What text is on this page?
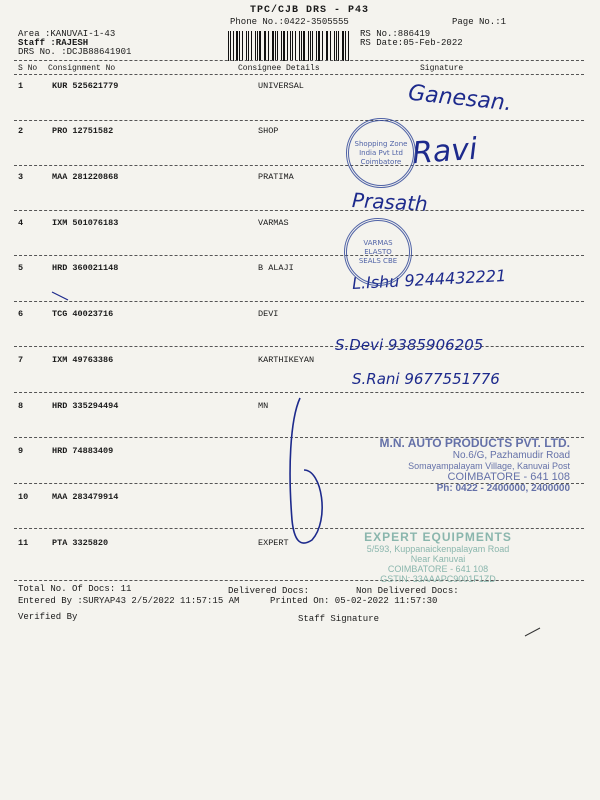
TPC/CJB DRS - P43
Phone No.:0422-3505555	Page No.:1
Area :KANUVAI-1-43
Staff :RAJESH
DRS No. :DCJB88641901
RS No.:886419
RS Date:05-Feb-2022
S No Consignment No	Consignee Details	Signature
1	KUR 525621779	UNIVERSAL
2	PRO 12751582	SHOP
3	MAA 281220868	PRATIMA
4	IXM 501076183	VARMAS
5	HRD 360021148	B ALAJI
6	TCG 40023716	DEVI
7	IXM 49763386	KARTHIKEYAN
8	HRD 335294494	MN
9	HRD 74883409
10	MAA 283479914
11	PTA 3325820	EXPERT
Total No. Of Docs: 11	Delivered Docs:	Non Delivered Docs:
Entered By :SURYAP43 2/5/2022 11:57:15 AM	Printed On: 05-02-2022 11:57:30
Verified By	Staff Signature
Ganesan.
Ravi
Prasath
L.Ishu 9244432221
S.Devi 9385906205
S.Rani 9677551776
Shopping Zone India Pvt Ltd Coimbatore
VARMAS ELASTO SEALS CBE
M.N. AUTO PRODUCTS PVT. LTD.
No.6/G, Pazhamudir Road
Somayampalayam Village, Kanuvai Post
COIMBATORE - 641 108
Ph: 0422 - 2400000, 2400000
EXPERT EQUIPMENTS
5/593, Kuppanaickenpalayam Road
Near Kanuvai
COIMBATORE - 641 108
GSTIN: 33AAAPC9001F1ZD
